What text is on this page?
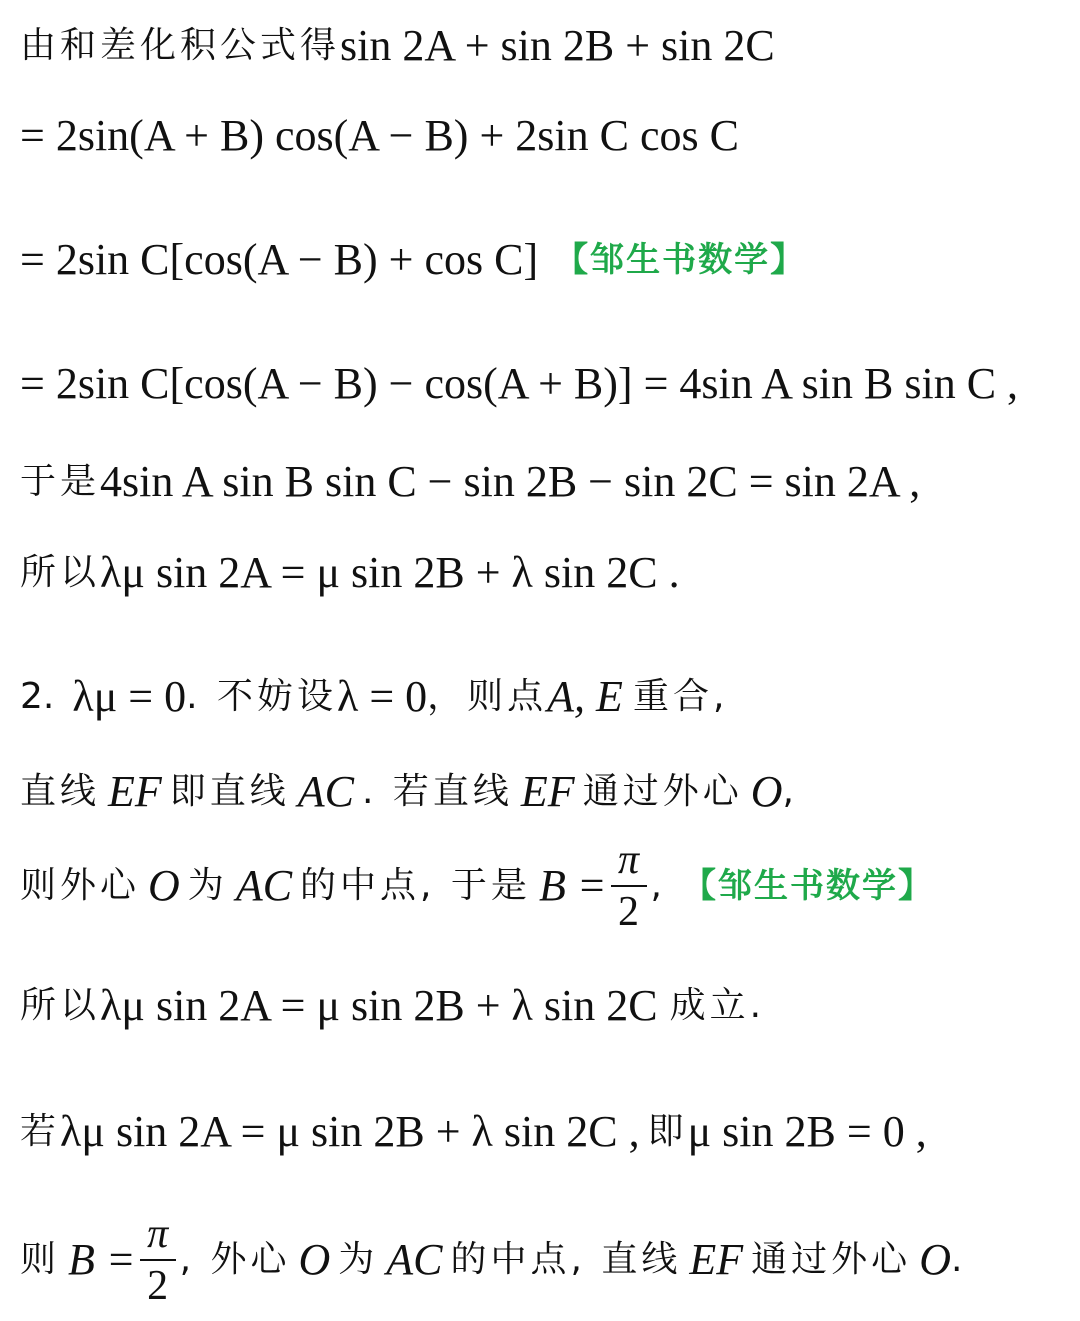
由和差化积公式得 sin 2A + sin 2B + sin 2C
= 2sin(A + B) cos(A − B) + 2sin C cos C
= 2sin C[cos(A − B) + cos C] 【邹生书数学】
= 2sin C[cos(A − B) − cos(A + B)] = 4sin A sin B sin C ,
于是 4sin A sin B sin C − sin 2B − sin 2C = sin 2A ,
所以 λμ sin 2A = μ sin 2B + λ sin 2C .
2. λμ = 0 . 不妨设 λ = 0 ，则点 A, E 重合,
直线 EF 即直线 AC . 若直线 EF 通过外心 O ,
则外心 O 为 AC 的中点, 于是 $B = \frac{\pi}{2}$ , 【邹生书数学】
所以 λμ sin 2A = μ sin 2B + λ sin 2C 成立.
若 λμ sin 2A = μ sin 2B + λ sin 2C , 即 μ sin 2B = 0 ,
则 $B = \frac{\pi}{2}$ , 外心 O 为 AC 的中点, 直线 EF 通过外心 O .
